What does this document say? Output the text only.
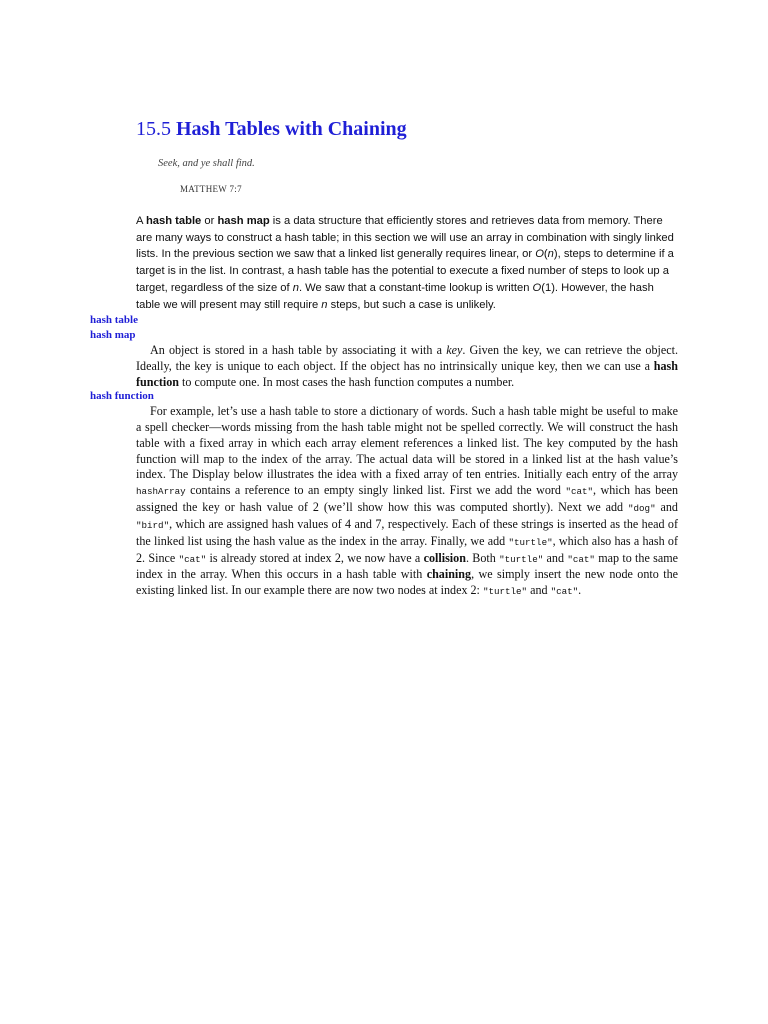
15.5 Hash Tables with Chaining
Seek, and ye shall find.
MATTHEW 7:7

A hash table or hash map is a data structure that efficiently stores and retrieves data from memory. There are many ways to construct a hash table; in this section we will use an array in combination with singly linked lists. In the previous section we saw that a linked list generally requires linear, or O(n), steps to determine if a target is in the list. In contrast, a hash table has the potential to execute a fixed number of steps to look up a target, regardless of the size of n. We saw that a constant-time lookup is written O(1). However, the hash table we will present may still require n steps, but such a case is unlikely.

hash table
hash map

An object is stored in a hash table by associating it with a key. Given the key, we can retrieve the object. Ideally, the key is unique to each object. If the object has no intrinsically unique key, then we can use a hash function to compute one. In most cases the hash function computes a number.

hash function

For example, let’s use a hash table to store a dictionary of words. Such a hash table might be useful to make a spell checker—words missing from the hash table might not be spelled correctly. We will construct the hash table with a fixed array in which each array element references a linked list. The key computed by the hash function will map to the index of the array. The actual data will be stored in a linked list at the hash value’s index. The Display below illustrates the idea with a fixed array of ten entries. Initially each entry of the array hashArray contains a reference to an empty singly linked list. First we add the word "cat", which has been assigned the key or hash value of 2 (we’ll show how this was computed shortly). Next we add "dog" and "bird", which are assigned hash values of 4 and 7, respectively. Each of these strings is inserted as the head of the linked list using the hash value as the index in the array. Finally, we add "turtle", which also has a hash of 2. Since "cat" is already stored at index 2, we now have a collision. Both "turtle" and "cat" map to the same index in the array. When this occurs in a hash table with chaining, we simply insert the new node onto the existing linked list. In our example there are now two nodes at index 2: "turtle" and "cat".
